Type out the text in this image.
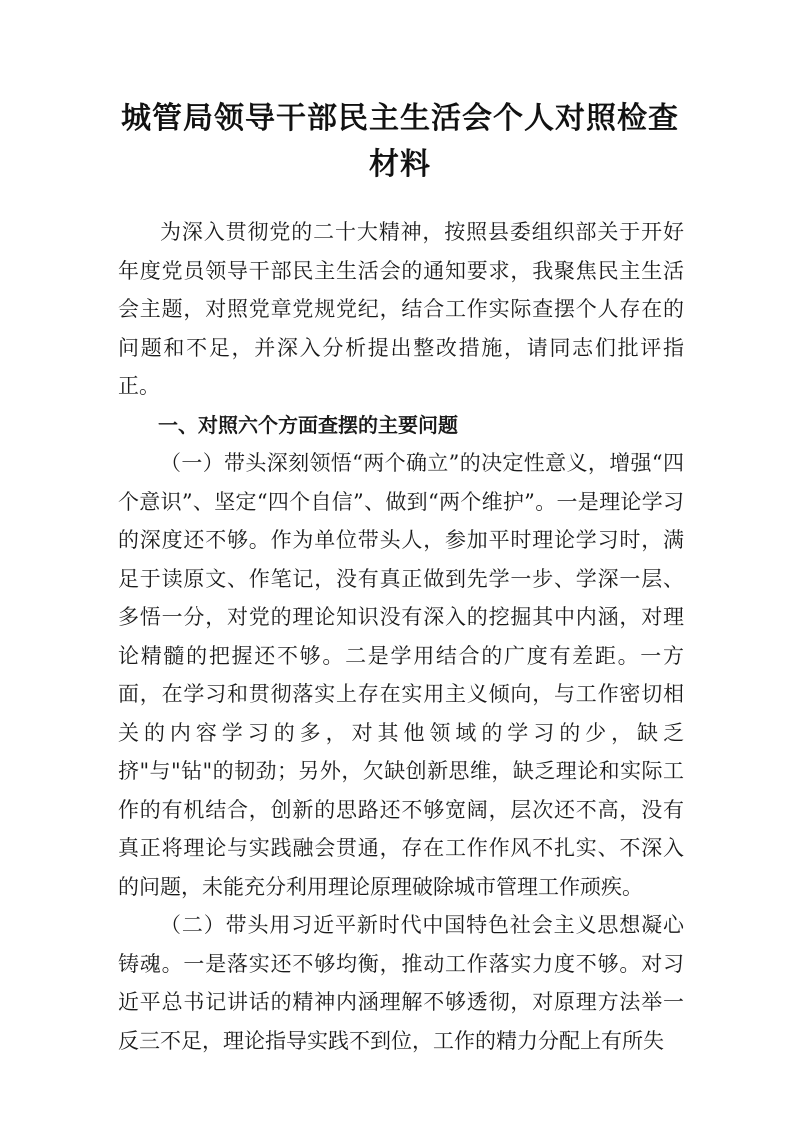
城管局领导干部民主生活会个人对照检查材料

为深入贯彻党的二十大精神，按照县委组织部关于开好年度党员领导干部民主生活会的通知要求，我聚焦民主生活会主题，对照党章党规党纪，结合工作实际查摆个人存在的问题和不足，并深入分析提出整改措施，请同志们批评指正。

一、对照六个方面查摆的主要问题

（一）带头深刻领悟“两个确立”的决定性意义，增强“四个意识”、坚定“四个自信”、做到“两个维护”。一是理论学习的深度还不够。作为单位带头人，参加平时理论学习时，满足于读原文、作笔记，没有真正做到先学一步、学深一层、多悟一分，对党的理论知识没有深入的挖掘其中内涵，对理论精髓的把握还不够。二是学用结合的广度有差距。一方面，在学习和贯彻落实上存在实用主义倾向，与工作密切相关的内容学习的多，对其他领域的学习的少，缺乏挤"与"钻"的韧劲；另外，欠缺创新思维，缺乏理论和实际工作的有机结合，创新的思路还不够宽阔，层次还不高，没有真正将理论与实践融会贯通，存在工作作风不扎实、不深入的问题，未能充分利用理论原理破除城市管理工作顽疾。

（二）带头用习近平新时代中国特色社会主义思想凝心铸魂。一是落实还不够均衡，推动工作落实力度不够。对习近平总书记讲话的精神内涵理解不够透彻，对原理方法举一反三不足，理论指导实践不到位，工作的精力分配上有所失
